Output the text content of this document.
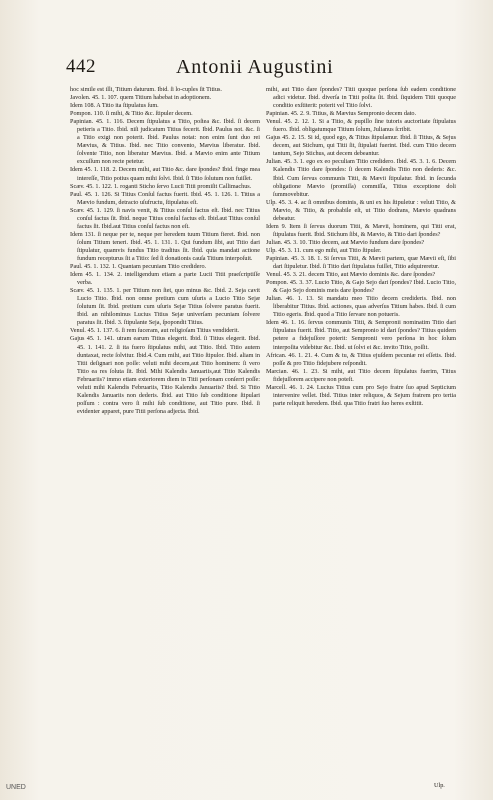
442	Antonii Augustini

hoc simile est illi, Titium daturum. Ibid. ſi lo-cuples ſit Titius.

Javolen. 45. 1. 107. quem Titium habebat in adoptionem.

Idem 108. A Titio ita ſtipulatus ſum.

Pompon. 110. ſi mihi, & Titio &c. ſtipuler decem.

Papinian. 45. 1. 116. Decem ſtipulatus a Titio, poſtea &c. Ibid. ſi decem petieris a Titio. Ibid. niſi judicatum Titius fecerit. Ibid. Paulus not. &c. ſi a Titio exigi non poterit. Ibid. Paulus notat: non enim ſunt duo rei Mævius, & Titius. Ibid. nec Titio convento, Mævius liberatur. Ibid. ſolvente Titio, non liberatur Mævius. Ibid. a Mævio enim ante Titium excuſſum non recte petetur.

Idem 45. 1. 118. 2. Decem mihi, aut Titio &c. dare ſpondes? Ibid. finge mea intereſſe, Titio potius quam mihi ſolvi. Ibid. ſi Titio ſolutum non fuiſſet.

Scæv. 45. 1. 122. 1. roganti Sticho ſervo Lucii Titii promiſit Callimachus.

Paul. 45. 1. 126. Si Titius Conſul factus fuerit. Ibid. 45. 1. 126. 1. Titius a Mævio fundum, detracto uſufructu, ſtipulatus eſt.

Scæv. 45. 1. 129. ſi navis venit, & Titius conſul factus eſt. Ibid. nec Titius conſul factus ſit. Ibid. neque Titius conſul factus eſt. Ibid.aut Titius conſul factus ſit. Ibid.aut Titius conſul factus non eſt.

Idem 131. ſi neque per te, neque per heredem tuum Titium fieret. Ibid. non ſolum Titium teneri. Ibid. 45. 1. 131. 1. Qui fundum ſibi, aut Titio dari ſtipulatur, quamvis fundus Titio traditus ſit. Ibid. quia mandati actione fundum recepturus ſit a Titio: ſed ſi donationis cauſa Titium interpoſuit.

Paul. 45. 1. 132. 1. Quantam pecuniam Titio crediderο.

Idem 45. 1. 134. 2. intelligendum etiam a parte Lucii Titii praeſcriptiſſe verba.

Scæv. 45. 1. 135. 1. per Titium non ſtet, quo minus &c. Ibid. 2. Seja cavit Lucio Titio. Ibid. non omne pretium cum uſuris a Lucio Titio Sejæ ſolutum ſit. Ibid. pretium cum uſuris Sejæ Titius ſolvere paratus fuerit. Ibid. an nihilominus Lucius Titius Sejæ univerſam pecuniam ſolvere paratus ſit. Ibid. 3. ſtipulante Seja, ſpopondit Titius.

Venul. 45. 1. 137. 6. ſi rem ſuceram, aut religioſam Titius vendiderit.

Gajus 45. 1. 141. utram earum Titius elegerit. Ibid. ſi Titius elegerit. Ibid. 45. 1. 141. 2. ſi ita fuero ſtipulatus mihi, aut Titio. Ibid. Titio autem duntaxat, recte ſolvitur. Ibid.4. Cum mihi, aut Titio ſtipulor. Ibid. aliam in Titii deſignari non poſſe: veluti mihi decem,aut Titio hominem: ſi vero Titio ea res ſoluta ſit. Ibid. Mihi Kalendis Januariis,aut Titio Kalendis Februariis? immo etiam exteriorem diem in Titii perſonam conſerri poſſe: veluti mihi Kalendis Februariis, Titio Kalendis Januariis? Ibid. Si Titio Kalendis Januariis non dederis. Ibid. aut Titio ſub conditione ſtipulari poſſum : contra vero ſi mihi ſub conditione, aut Titio pure. Ibid. ſi evidenter apparet, pure Titii perſona adjecta. Ibid.

mihi, aut Titio dare ſpondes? Titii quoque perſona ſub eadem conditione adici videtur. Ibid. diverſa in Titii poſita ſit. Ibid. ſiquidem Titii quoque conditio exſtiterit: poterit vel Titio ſolvi.

Papinian. 45. 2. 9. Titius, & Mævius Sempronio decem dato.

Venul. 45. 2. 12. 1. Si a Titio, & pupillo ſine tutoris auctoritate ſtipulatus fuero. Ibid. obligatumque Titium ſolum, Julianus ſcribit.

Gajus 45. 2. 15. Si id, quod ego, & Titius ſtipulamur. Ibid. ſi Titius, & Sejus decem, aut Stichum, qui Titii ſit, ſtipulati fuerint. Ibid. cum Titio decem tantum, Sejo Stichus, aut decem debeantur.

Julian. 45. 3. 1. ego ex eo peculiam Titio credidero. Ibid. 45. 3. 1. 6. Decem Kalendis Titio dare ſpondes: ſi decem Kalendis Titio non dederis: &c. Ibid. Cum ſervus communis Titii, & Mævii ſtipulatur. Ibid. in ſecunda obligatione Mævio (promiſſa) commiſſa, Titius exceptione doli ſummovebitur.

Ulp. 45. 3. 4. ac ſi omnibus dominis, & uni ex his ſtipuletur : veluti Titio, & Mævio, & Titio, & probabile eſt, ut Titio dodrans, Mævio quadrans debeatur.

Idem 9. Item ſi ſervus duorum Titii, & Mævii, hominem, qui Titii erat, ſtipulatus fuerit. Ibid. Stichum ſibi, & Mævio, & Titio dari ſpondes?

Julian. 45. 3. 10. Titio decem, aut Mævio fundum dare ſpondes?

Ulp. 45. 3. 11. cum ego mihi, aut Titio ſtipuler.

Papinian. 45. 3. 18. 1. Si ſervus Titii, & Mævii partem, quæ Mævii eſt, ſibi dari ſtipuletur. Ibid. ſi Titio dari ſtipulatus fuiſſet, Titio adquireretur.

Venul. 45. 3. 21. decem Titio, aut Mævio dominis &c. dare ſpondes?

Pompon. 45. 3. 37. Lucio Titio, & Gajo Sejo dari ſpondes? Ibid. Lucio Titio, & Gajo Sejo dominis meis dare ſpondes?

Julian. 46. 1. 13. Si mandatu meo Titio decem credideris. Ibid. non liberabitur Titius. Ibid. actiones, quas adverſus Titium habes. Ibid. ſi cum Titio egeris. Ibid. quod a Titio ſervare non potueris.

Idem 46. 1. 16. ſervus communis Titii, & Sempronii nominatim Titio dari ſtipulatus fuerit. Ibid. Titio, aut Sempronio id dari ſpondes? Titius quidem petere a fidejuſſore poterit: Sempronii vero perſona in hoc ſolum interpoſita videbitur &c. Ibid. ut ſolvi ei &c. invito Titio, poſſit.

African. 46. 1. 21. 4. Cum & tu, & Titius ejuſdem pecuniæ rei eſſetis. Ibid. poſſe & pro Titio fidejubere reſpondit.

Marcian. 46. 1. 23. Si mihi, aut Titio decem ſtipulatus fuerim, Titius fidejuſſorem accipere non poteſt.

Marcell. 46. 1. 24. Lucius Titius cum pro Sejo fratre ſuo apud Septicium intervenire vellet. Ibid. Titius inter reliquos, & Sejum fratrem pro tertia parte reliquit heredem. Ibid. qua Titio fratri ſuo heres exſtitit.

Ulp.
UNED
